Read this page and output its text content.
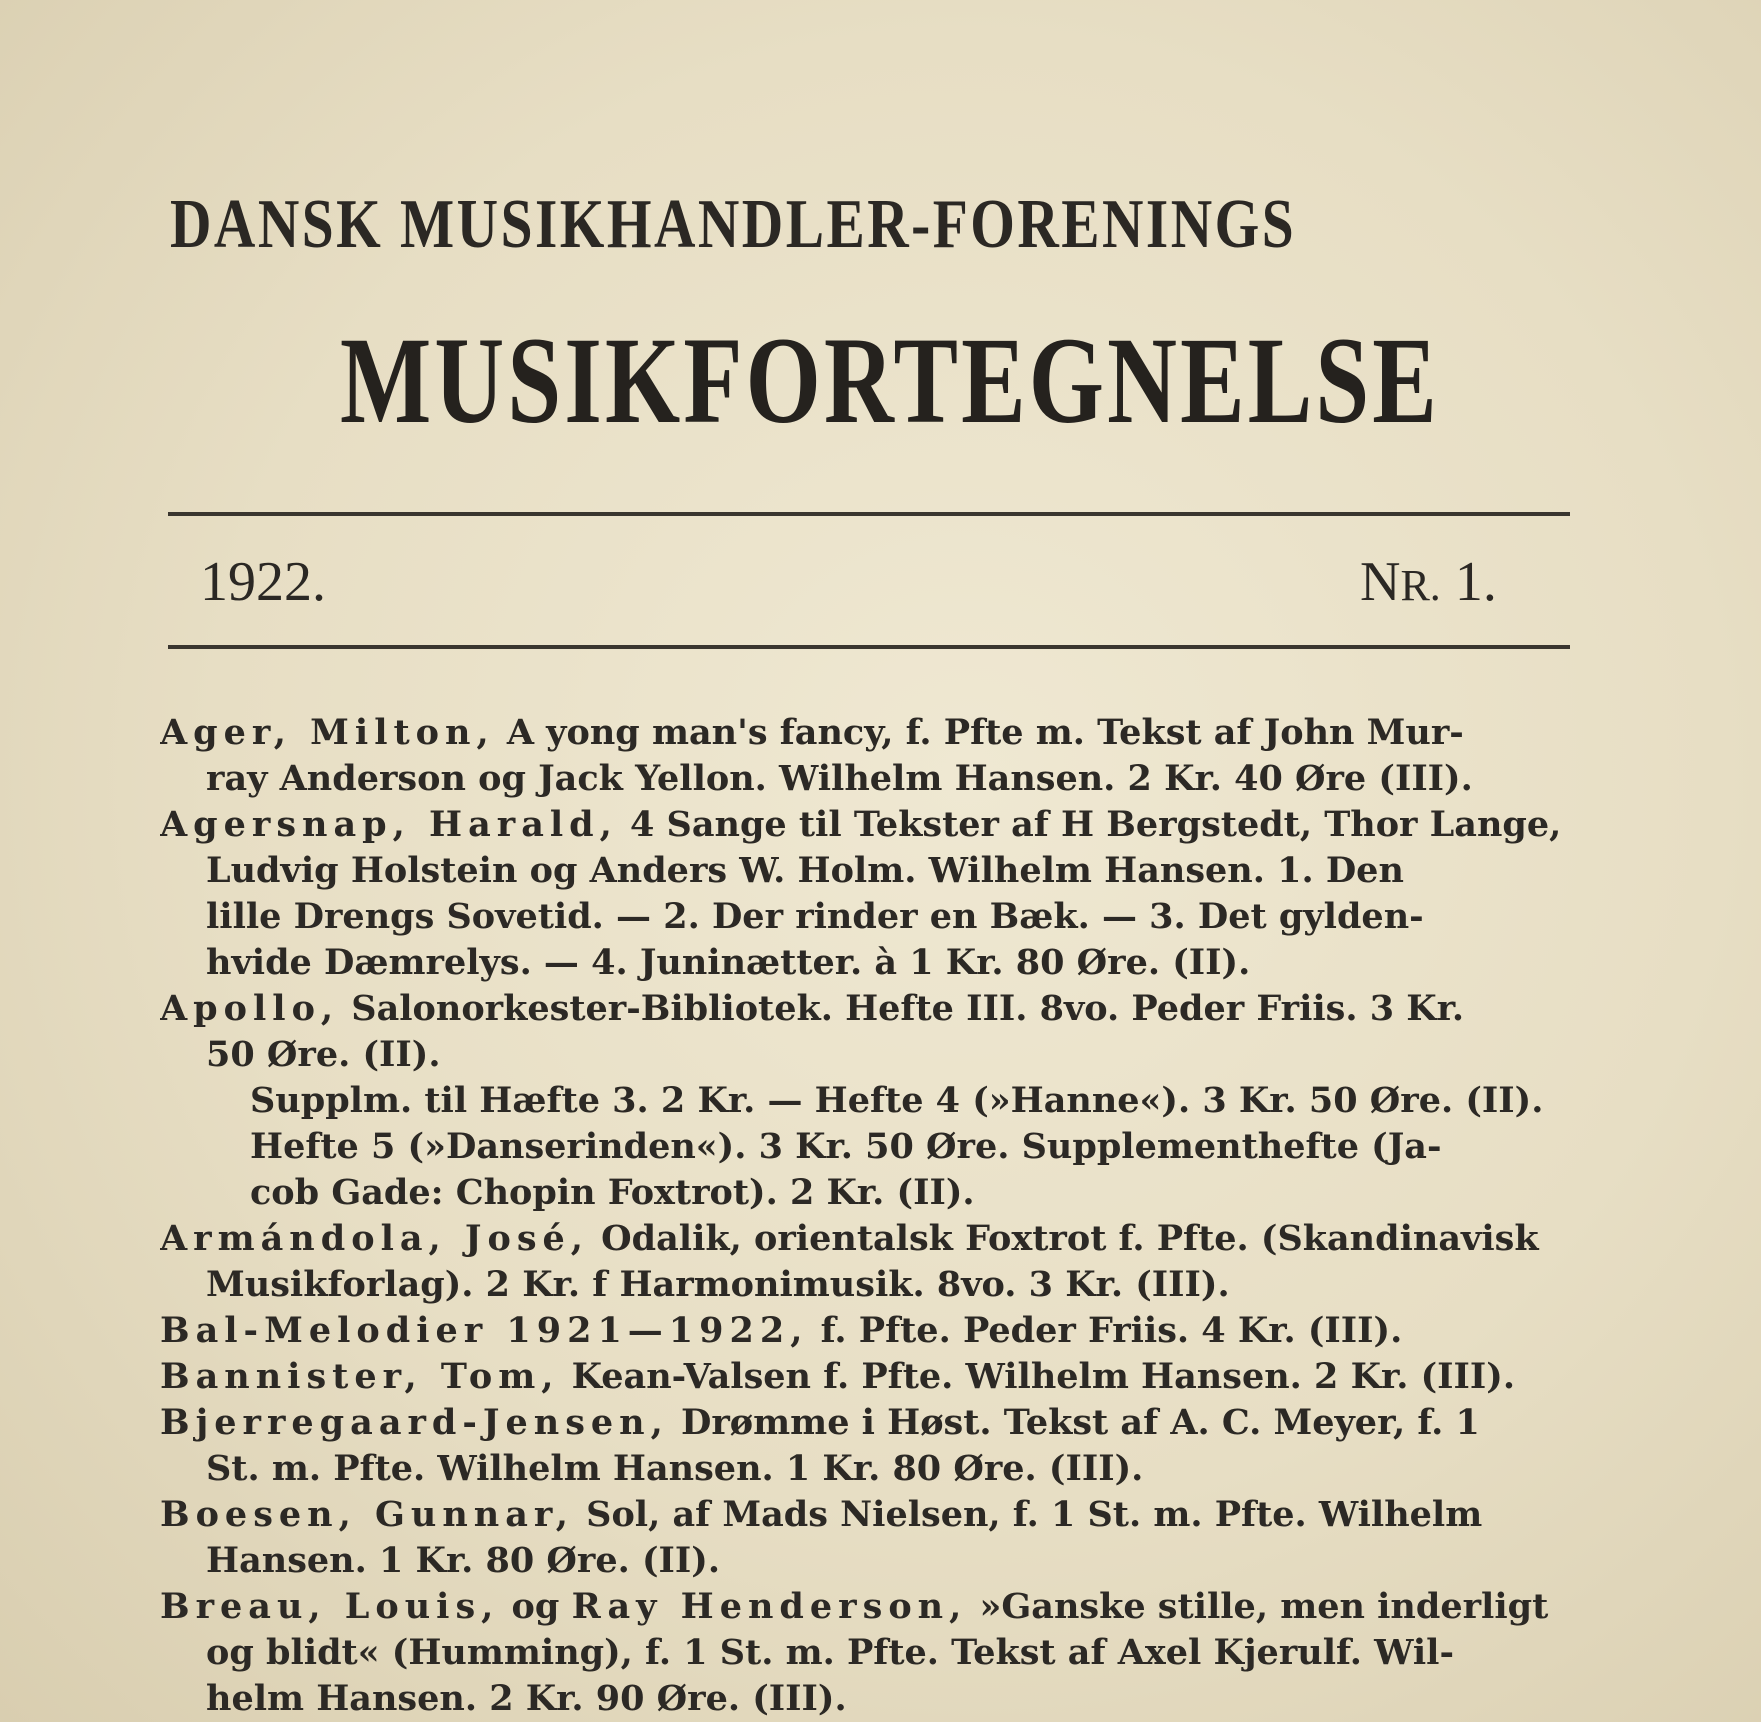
DANSK MUSIKHANDLER-FORENINGS
MUSIKFORTEGNELSE
1922.	NR. 1.
Ager, Milton, A yong man's fancy, f. Pfte m. Tekst af John Mur-
ray Anderson og Jack Yellon. Wilhelm Hansen. 2 Kr. 40 Øre (III).
Agersnap, Harald, 4 Sange til Tekster af H Bergstedt, Thor Lange,
Ludvig Holstein og Anders W. Holm. Wilhelm Hansen. 1. Den
lille Drengs Sovetid. — 2. Der rinder en Bæk. — 3. Det gylden-
hvide Dæmrelys. — 4. Juninætter. à 1 Kr. 80 Øre. (II).
Apollo, Salonorkester-Bibliotek. Hefte III. 8vo. Peder Friis. 3 Kr.
50 Øre. (II).
Supplm. til Hæfte 3. 2 Kr. — Hefte 4 (»Hanne«). 3 Kr. 50 Øre. (II).
Hefte 5 (»Danserinden«). 3 Kr. 50 Øre. Supplementhefte (Ja-
cob Gade: Chopin Foxtrot). 2 Kr. (II).
Armándola, José, Odalik, orientalsk Foxtrot f. Pfte. (Skandinavisk
Musikforlag). 2 Kr. f Harmonimusik. 8vo. 3 Kr. (III).
Bal-Melodier 1921—1922, f. Pfte. Peder Friis. 4 Kr. (III).
Bannister, Tom, Kean-Valsen f. Pfte. Wilhelm Hansen. 2 Kr. (III).
Bjerregaard-Jensen, Drømme i Høst. Tekst af A. C. Meyer, f. 1
St. m. Pfte. Wilhelm Hansen. 1 Kr. 80 Øre. (III).
Boesen, Gunnar, Sol, af Mads Nielsen, f. 1 St. m. Pfte. Wilhelm
Hansen. 1 Kr. 80 Øre. (II).
Breau, Louis, og Ray Henderson, »Ganske stille, men inderligt
og blidt« (Humming), f. 1 St. m. Pfte. Tekst af Axel Kjerulf. Wil-
helm Hansen. 2 Kr. 90 Øre. (III).
